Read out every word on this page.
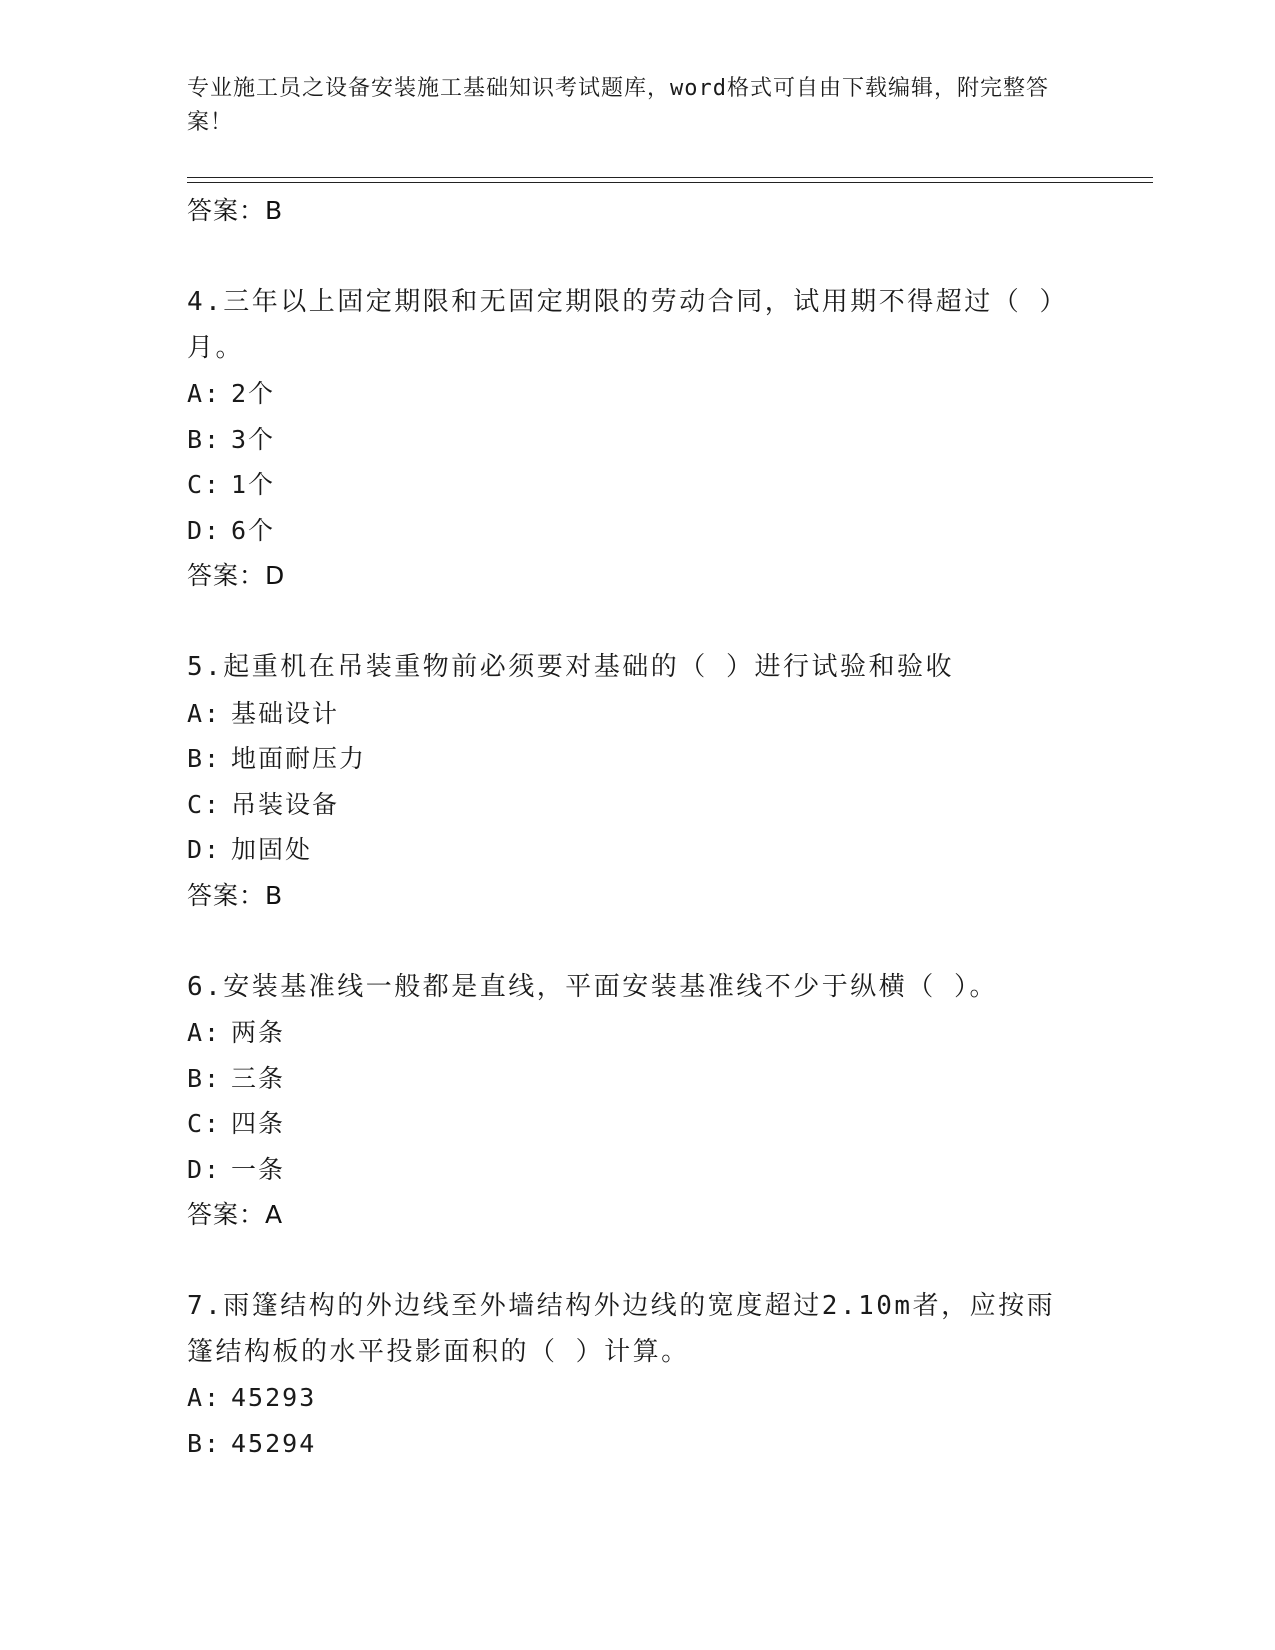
专业施工员之设备安装施工基础知识考试题库，word格式可自由下载编辑，附完整答案！
答案：B
4.三年以上固定期限和无固定期限的劳动合同，试用期不得超过（ ）月。
A: 2个
B: 3个
C: 1个
D: 6个
答案：D
5.起重机在吊装重物前必须要对基础的（ ）进行试验和验收
A: 基础设计
B: 地面耐压力
C: 吊装设备
D: 加固处
答案：B
6.安装基准线一般都是直线，平面安装基准线不少于纵横（ ）。
A: 两条
B: 三条
C: 四条
D: 一条
答案：A
7.雨篷结构的外边线至外墙结构外边线的宽度超过2.10m者，应按雨篷结构板的水平投影面积的（ ）计算。
A: 45293
B: 45294
